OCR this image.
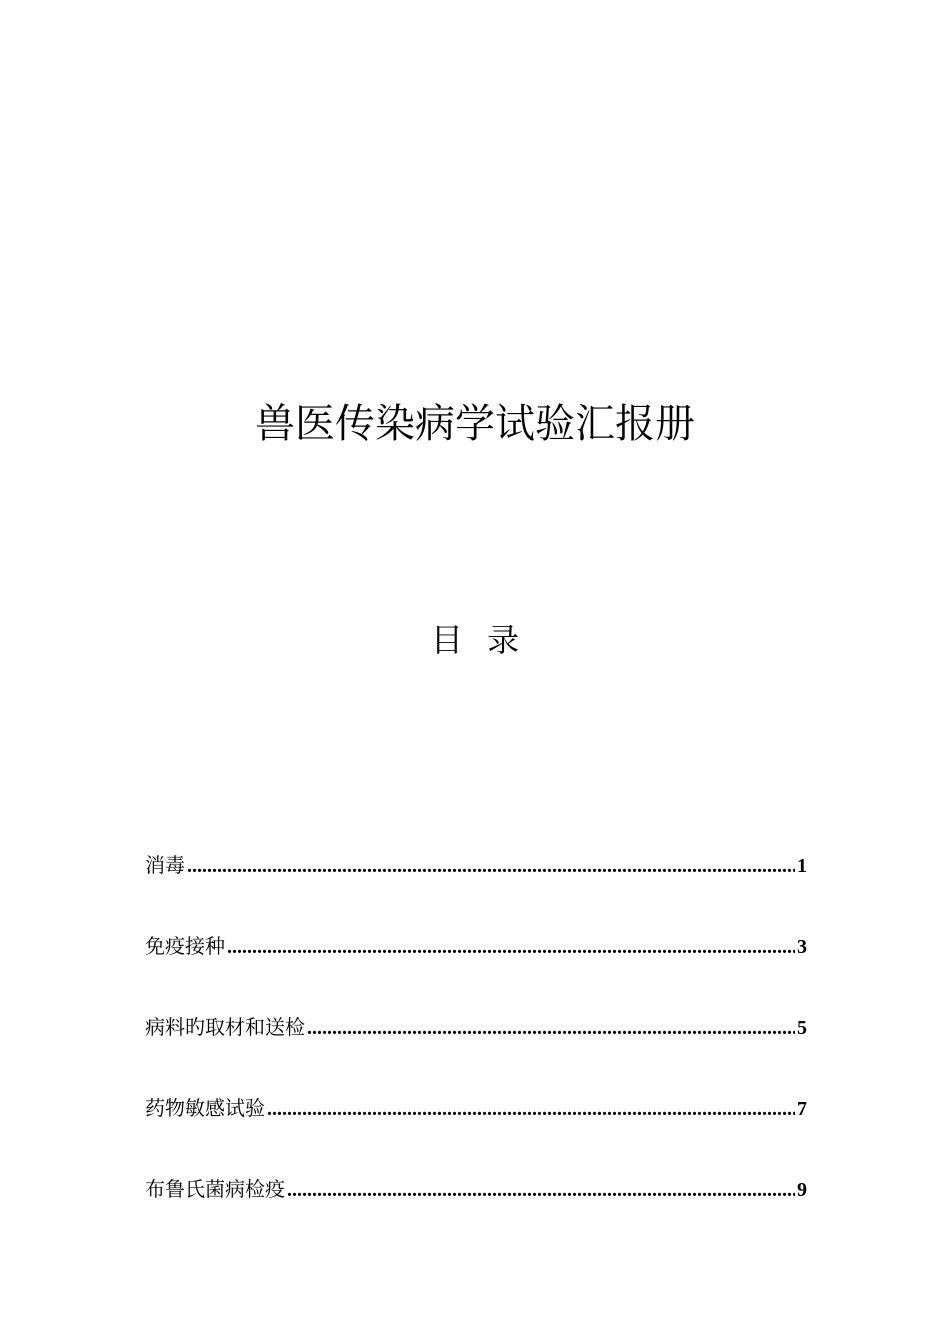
兽医传染病学试验汇报册
目 录
消毒 .....	1
免疫接种 .....	3
病料旳取材和送检 .....	5
药物敏感试验 .....	7
布鲁氏菌病检疫 .....	9
